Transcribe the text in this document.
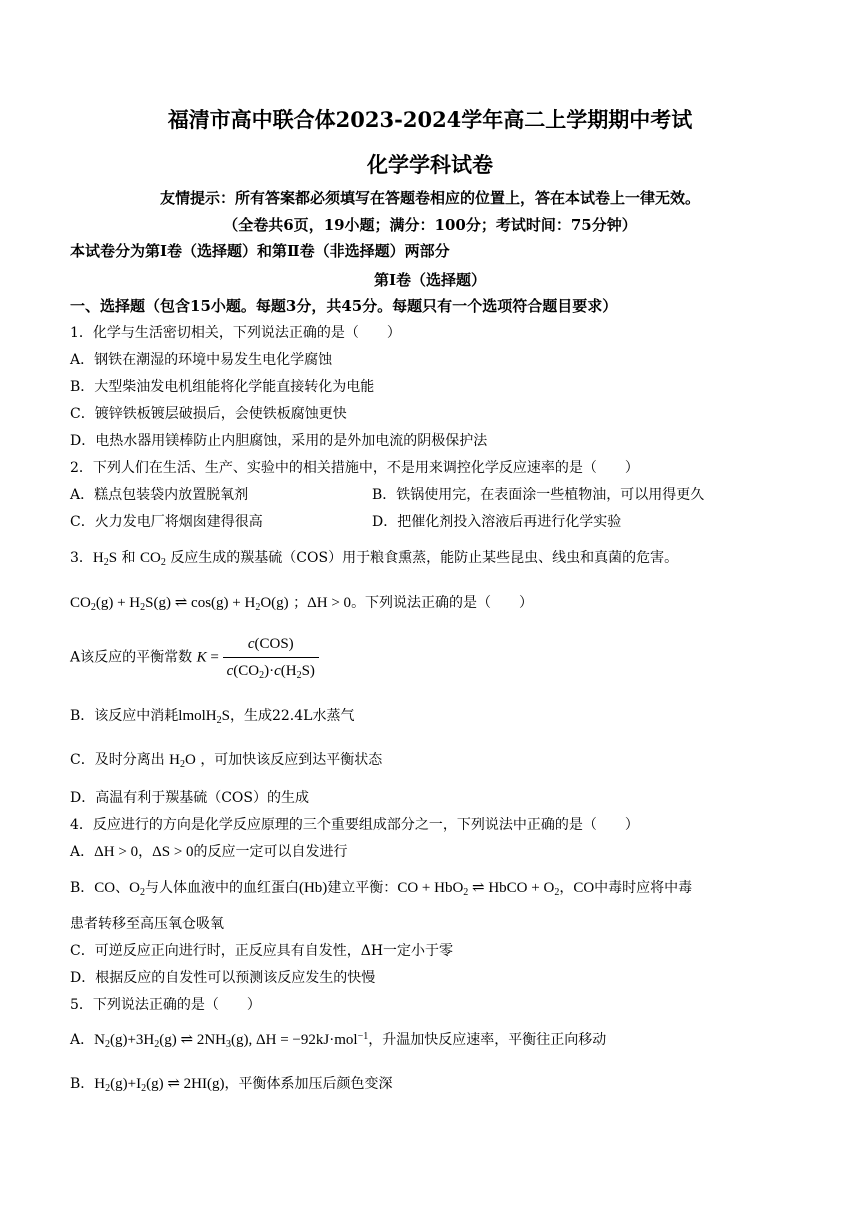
福清市高中联合体2023-2024学年高二上学期期中考试
化学学科试卷
友情提示：所有答案都必须填写在答题卷相应的位置上，答在本试卷上一律无效。
（全卷共6页，19小题；满分：100分；考试时间：75分钟）
本试卷分为第Ⅰ卷（选择题）和第Ⅱ卷（非选择题）两部分
第Ⅰ卷（选择题）
一、选择题（包含15小题。每题3分，共45分。每题只有一个选项符合题目要求）
1．化学与生活密切相关，下列说法正确的是（　　）
A．钢铁在潮湿的环境中易发生电化学腐蚀
B．大型柴油发电机组能将化学能直接转化为电能
C．镀锌铁板镀层破损后，会使铁板腐蚀更快
D．电热水器用镁棒防止内胆腐蚀，采用的是外加电流的阴极保护法
2．下列人们在生活、生产、实验中的相关措施中，不是用来调控化学反应速率的是（　　）
A．糕点包装袋内放置脱氧剂	B．铁锅使用完，在表面涂一些植物油，可以用得更久
C．火力发电厂将烟囱建得很高	D．把催化剂投入溶液后再进行化学实验
3．$H_2S$ 和 $CO_2$ 反应生成的羰基硫（COS）用于粮食熏蒸，能防止某些昆虫、线虫和真菌的危害。
$CO_2(g) + H_2S(g)$ ⇌ $\cos(g) + H_2O(g)$ ；ΔH > 0。下列说法正确的是（　　）
A该反应的平衡常数 $K = \frac{\text{c(COS)}}{c(CO_2)\cdot c(H_2S)}$
B．该反应中消耗lmolH$_2$S，生成22.4L水蒸气
C．及时分离出 $H_2O$ ，可加快该反应到达平衡状态
D．高温有利于羰基硫（COS）的生成
4．反应进行的方向是化学反应原理的三个重要组成部分之一，下列说法中正确的是（　　）
A．ΔH > 0，ΔS > 0的反应一定可以自发进行
B．CO、$O_2$与人体血液中的血红蛋白(Hb)建立平衡：CO + HbO$_2$ ⇌ HbCO + $O_2$，CO中毒时应将中毒
患者转移至高压氧仓吸氧
C．可逆反应正向进行时，正反应具有自发性，ΔH一定小于零
D．根据反应的自发性可以预测该反应发生的快慢
5．下列说法正确的是（　　）
A．$N_2(g)+3H_2(g)$ ⇌ $2NH_3(g)$, ΔH = −92kJ·mol$^{-1}$，升温加快反应速率，平衡往正向移动
B．$H_2(g)+I_2(g)$ ⇌ 2HI(g)，平衡体系加压后颜色变深
